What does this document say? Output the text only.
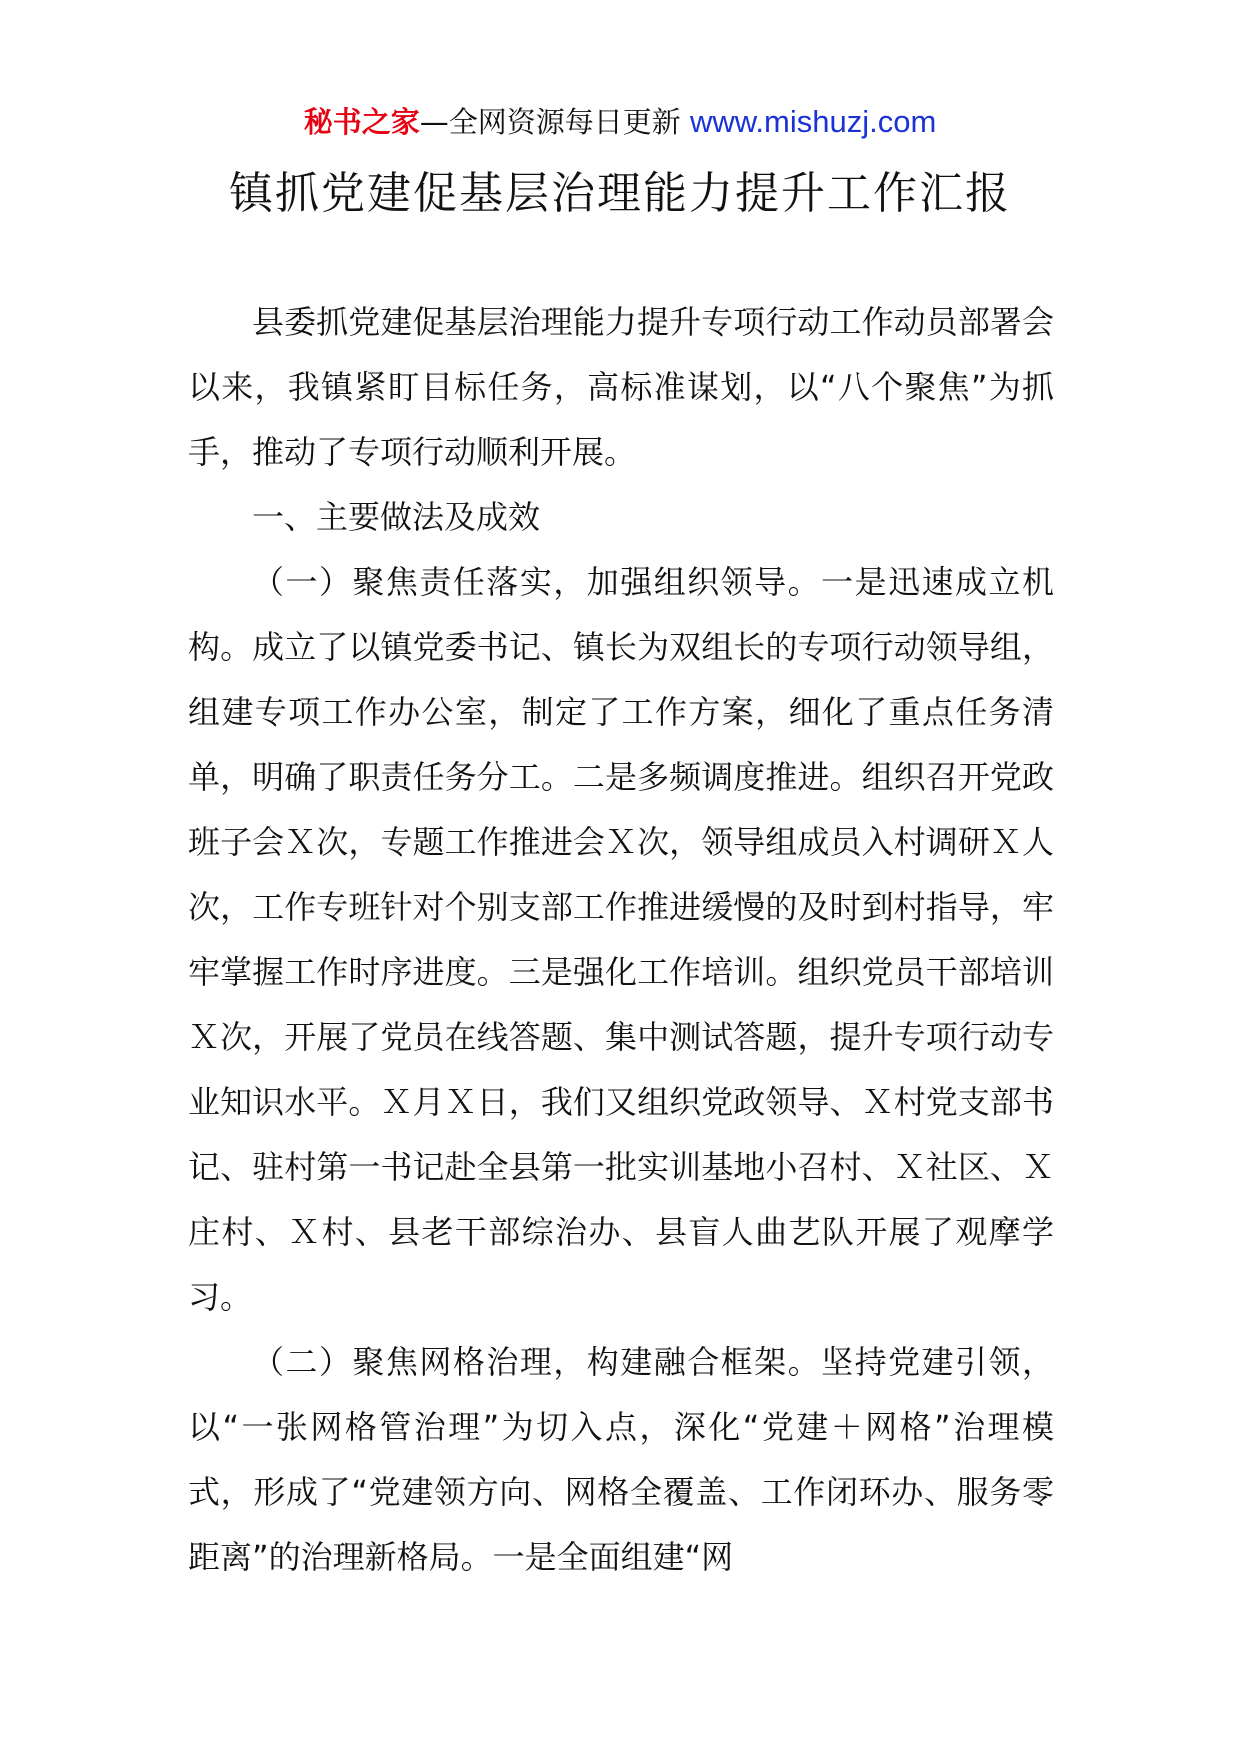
秘书之家—全网资源每日更新 www.mishuzj.com
镇抓党建促基层治理能力提升工作汇报

县委抓党建促基层治理能力提升专项行动工作动员部署会以来，我镇紧盯目标任务，高标准谋划，以“八个聚焦”为抓手，推动了专项行动顺利开展。

一、主要做法及成效

（一）聚焦责任落实，加强组织领导。一是迅速成立机构。成立了以镇党委书记、镇长为双组长的专项行动领导组，组建专项工作办公室，制定了工作方案，细化了重点任务清单，明确了职责任务分工。二是多频调度推进。组织召开党政班子会Ｘ次，专题工作推进会Ｘ次，领导组成员入村调研Ｘ人次，工作专班针对个别支部工作推进缓慢的及时到村指导，牢牢掌握工作时序进度。三是强化工作培训。组织党员干部培训Ｘ次，开展了党员在线答题、集中测试答题，提升专项行动专业知识水平。Ｘ月Ｘ日，我们又组织党政领导、Ｘ村党支部书记、驻村第一书记赴全县第一批实训基地小召村、Ｘ社区、Ｘ庄村、Ｘ村、县老干部综治办、县盲人曲艺队开展了观摩学习。

（二）聚焦网格治理，构建融合框架。坚持党建引领，以“一张网格管治理”为切入点，深化“党建＋网格”治理模式，形成了“党建领方向、网格全覆盖、工作闭环办、服务零距离”的治理新格局。一是全面组建“网
